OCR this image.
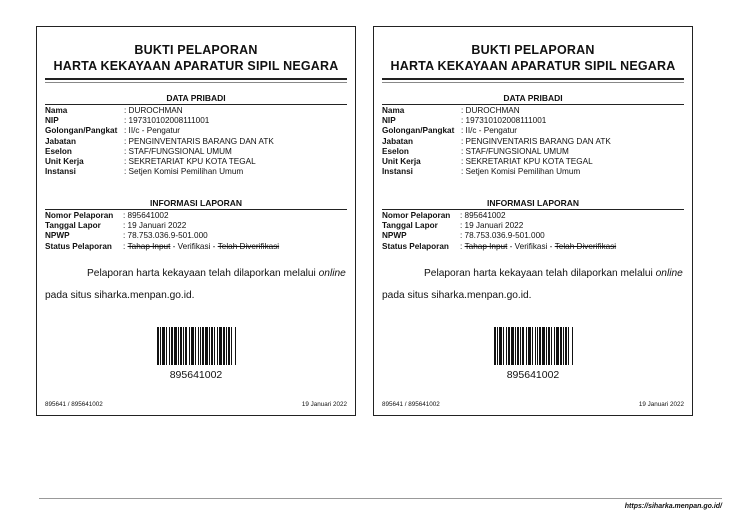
BUKTI PELAPORAN
HARTA KEKAYAAN APARATUR SIPIL NEGARA
DATA PRIBADI
Nama	: DUROCHMAN
NIP	: 197310102008111001
Golongan/Pangkat : II/c - Pengatur
Jabatan	: PENGINVENTARIS BARANG DAN ATK
Eselon	: STAF/FUNGSIONAL UMUM
Unit Kerja	: SEKRETARIAT KPU KOTA TEGAL
Instansi	: Setjen Komisi Pemilihan Umum
INFORMASI LAPORAN
Nomor Pelaporan	: 895641002
Tanggal Lapor	: 19 Januari 2022
NPWP	: 78.753.036.9-501.000
Status Pelaporan	: Tahap Input - Verifikasi - Telah Diverifikasi
Pelaporan harta kekayaan telah dilaporkan melalui online
pada situs siharka.menpan.go.id.
895641002
895641 / 895641002	19 Januari 2022
BUKTI PELAPORAN
HARTA KEKAYAAN APARATUR SIPIL NEGARA
DATA PRIBADI
Nama	: DUROCHMAN
NIP	: 197310102008111001
Golongan/Pangkat : II/c - Pengatur
Jabatan	: PENGINVENTARIS BARANG DAN ATK
Eselon	: STAF/FUNGSIONAL UMUM
Unit Kerja	: SEKRETARIAT KPU KOTA TEGAL
Instansi	: Setjen Komisi Pemilihan Umum
INFORMASI LAPORAN
Nomor Pelaporan	: 895641002
Tanggal Lapor	: 19 Januari 2022
NPWP	: 78.753.036.9-501.000
Status Pelaporan	: Tahap Input - Verifikasi - Telah Diverifikasi
Pelaporan harta kekayaan telah dilaporkan melalui online
pada situs siharka.menpan.go.id.
895641002
895641 / 895641002	19 Januari 2022
https://siharka.menpan.go.id/
